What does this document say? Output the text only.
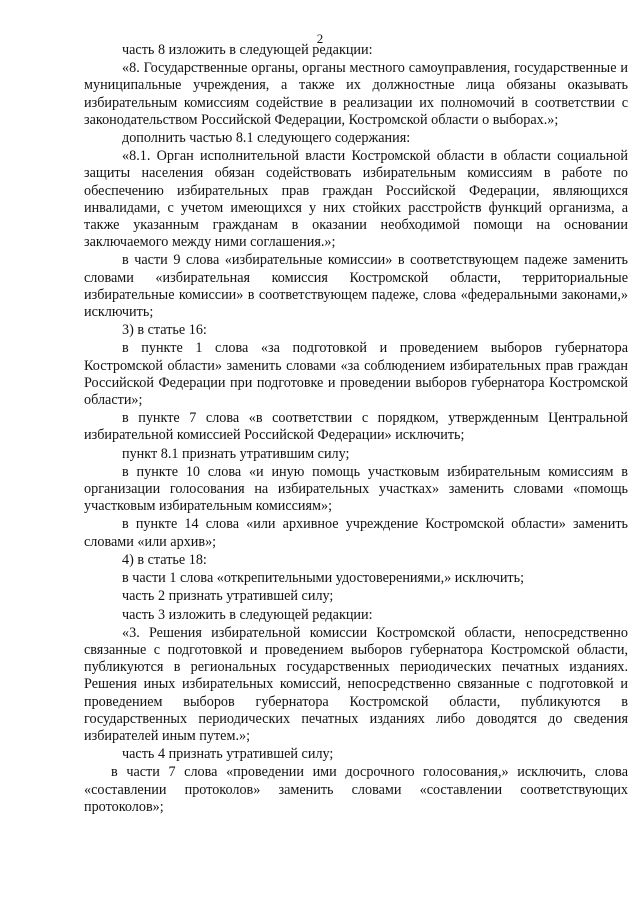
2

часть 8 изложить в следующей редакции:

«8. Государственные органы, органы местного самоуправления, государственные и муниципальные учреждения, а также их должностные лица обязаны оказывать избирательным комиссиям содействие в реализации их полномочий в соответствии с законодательством Российской Федерации, Костромской области о выборах.»;

дополнить частью 8.1 следующего содержания:

«8.1. Орган исполнительной власти Костромской области в области социальной защиты населения обязан содействовать избирательным комиссиям в работе по обеспечению избирательных прав граждан Российской Федерации, являющихся инвалидами, с учетом имеющихся у них стойких расстройств функций организма, а также указанным гражданам в оказании необходимой помощи на основании заключаемого между ними соглашения.»;

в части 9 слова «избирательные комиссии» в соответствующем падеже заменить словами «избирательная комиссия Костромской области, территориальные избирательные комиссии» в соответствующем падеже, слова «федеральными законами,» исключить;

3) в статье 16:

в пункте 1 слова «за подготовкой и проведением выборов губернатора Костромской области» заменить словами «за соблюдением избирательных прав граждан Российской Федерации при подготовке и проведении выборов губернатора Костромской области»;

в пункте 7 слова «в соответствии с порядком, утвержденным Центральной избирательной комиссией Российской Федерации» исключить;

пункт 8.1 признать утратившим силу;

в пункте 10 слова «и иную помощь участковым избирательным комиссиям в организации голосования на избирательных участках» заменить словами «помощь участковым избирательным комиссиям»;

в пункте 14 слова «или архивное учреждение Костромской области» заменить словами «или архив»;

4) в статье 18:

в части 1 слова «открепительными удостоверениями,» исключить;

часть 2 признать утратившей силу;

часть 3 изложить в следующей редакции:

«3. Решения избирательной комиссии Костромской области, непосредственно связанные с подготовкой и проведением выборов губернатора Костромской области, публикуются в региональных государственных периодических печатных изданиях. Решения иных избирательных комиссий, непосредственно связанные с подготовкой и проведением выборов губернатора Костромской области, публикуются в государственных периодических печатных изданиях либо доводятся до сведения избирателей иным путем.»;

часть 4 признать утратившей силу;

в части 7 слова «проведении ими досрочного голосования,» исключить, слова «составлении протоколов» заменить словами «составлении соответствующих протоколов»;
